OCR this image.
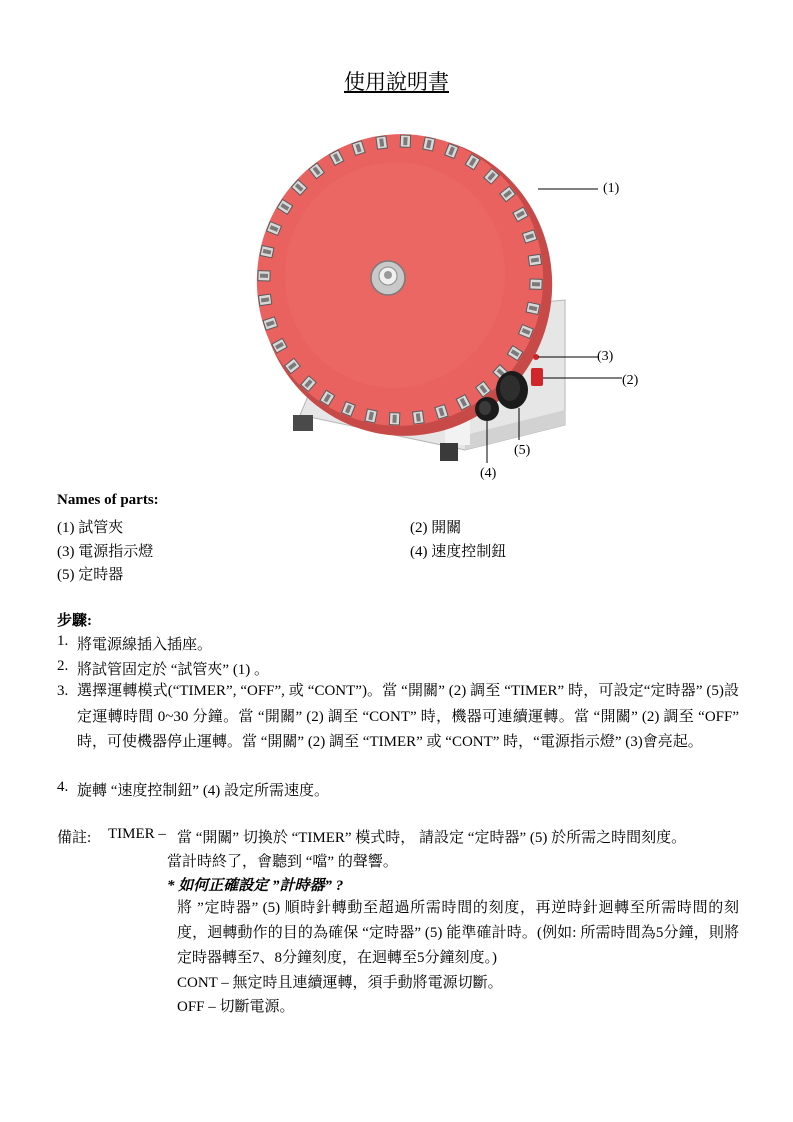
使用說明書
(1)
(3)
(2)
(5)
(4)
Names of parts:
(1) 試管夾	(2) 開關
(3) 電源指示燈	(4) 速度控制鈕
(5) 定時器
步驟:
1. 將電源線插入插座。
2. 將試管固定於 “試管夾” (1) 。
3. 選擇運轉模式(“TIMER”, “OFF”, 或 “CONT”)。當 “開關” (2) 調至 “TIMER” 時，可設定“定時器” (5)設定運轉時間 0~30 分鐘。當 “開關” (2) 調至 “CONT” 時，機器可連續運轉。當 “開關” (2) 調至 “OFF” 時，可使機器停止運轉。當 “開關” (2) 調至 “TIMER” 或 “CONT” 時，“電源指示燈” (3)會亮起。
4. 旋轉 “速度控制鈕” (4) 設定所需速度。
備註: TIMER – 當 “開關” 切換於 “TIMER” 模式時， 請設定 “定時器” (5) 於所需之時間刻度。
當計時終了，會聽到 “噹” 的聲響。
* 如何正確設定 ”計時器” ?
將 ”定時器” (5) 順時針轉動至超過所需時間的刻度，再逆時針迴轉至所需時間的刻度，迴轉動作的目的為確保 “定時器” (5) 能準確計時。(例如: 所需時間為5分鐘，則將定時器轉至7、8分鐘刻度，在迴轉至5分鐘刻度。)
CONT – 無定時且連續運轉，須手動將電源切斷。
OFF – 切斷電源。
